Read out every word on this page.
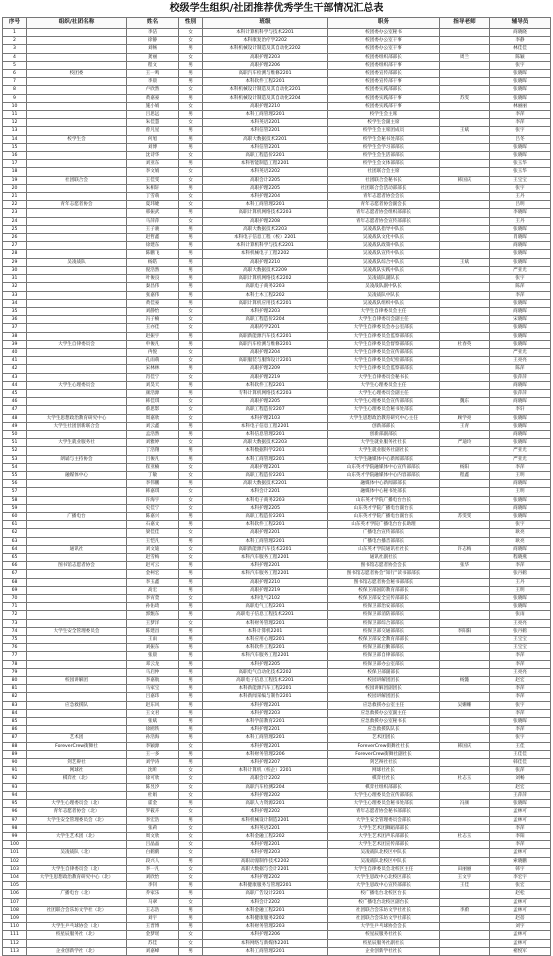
校级学生组织/社团推荐优秀学生干部情况汇总表
序号	组织/社团名称	姓名	性别	班级	职务	指导老师	辅导员
1		李洁	女	本科计算机科学与技术2201	校团委办公室秘书		商晓晓
2		徐静	女	本科康复治疗学2202	校团委办公室干事		李静
3		刘畅	男	本科机械设计制造及其自动化2202	校团委办公室干事		林佳佳
4		龚丽	女	高职护理2203	校团委组织部部长	周兰	陈颖
5		程文	男	高职护理2206	校团委组织部干事		张宇
6	校团委	王一鸣	男	高职汽车检测与维修2201	校团委宣传部部长		张晓晖
7		李晨	男	本科软件工程2201	校团委宣传部干事		张晓晖
8		卢欣然	女	本科机械设计制造及其自动化2201	校团委实践部部长		张晓晖
9		黄嘉豪	男	本科机械设计制造及其自动化2204	校团委实践部干事	苏雯	张晓晖
10		施小娟	女	高职护理2210	校团委实践部干事		林丽丽
11		吕思远	男	本科工商管理2201	校学生会主席		李萍
12		朱佳慧	女	本科英语2201	校学生会副主席		李萍
13		曾凡星	男	本科信管2201	校学生会主席团成员	王斌	张宇
14	校学生会	何旭	男	高职大数据技术2201	校学生会秘书处部长		吕冬
15		刘博	男	本科信管2201	校学生会学习部部长		张晓晖
16		沈诗华	女	高职工程造价2201	校学生会生活部部长		张晓晖
17		刘亚东	男	本科智能制造工程2201	校学生会文体部部长		张玉华
18		李文娟	女	本科英语2202	社团联合会主席		张玉华
19	社团联合会	王佳雯	女	高职会计2205	社团联合会秘书长	韩国庆	王宝宝
20		朱相轩	男	高职护理2205	社团联合会活动部部长		张宇
21		丁雪萌	女	本科护理2204	青年志愿者协会会长		王丹
22	青年志愿者协会	夏玮婕	女	本科工商管理2201	青年志愿者协会副会长		吕明
23		邢振武	男	高职计算机网络技术2203	青年志愿者协会组织部部长		李晓晖
24		马萍萍	女	高职护理2208	青年志愿者协会宣传部部长		王丹
25		王子骏	男	高职大数据技术2203	吴凌战队指导中队长		张晓晖
26		赵哲鑫	男	本科电子信息工程（校）2201	吴凌战队文化中队长		肖晓晖
27		徐建东	男	本科计算机科学与技术2201	吴凌战队政策中队长		商晓晖
28		陈鹏飞	男	本科机械电子工程2202	吴凌战队宣传中队长		张晓晖
29	吴凌战队	杨皓	男	高职护理2210	吴凌战队综合中队长	王斌	张晓晖
30		倪浩然	男	高职大数据技术2209	吴凌战队实践中队长		严亚光
31		叶俊良	男	高职计算机网络技术2202	吴凌战队副队长		张宇
32		秦昌伟	男	高职电子商务2203	吴凌战队副中队长		陈萍
33		张嘉伟	男	本科土木工程2202	吴凌战队中队长		李萍
34		黄佳豪	男	高职计算机应用技术2201	吴凌战队组织中队长		张晓晖
35		刘静怡	女	本科护理2203	大学生自律委员会主任		商晓晖
36		冯子楠	女	高职工程造价2204	大学生自律委员会副主任		宋晓晖
37		王亦佳	女	高职药学2201	大学生自律委员会办公室部长		张晓晖
38		赵振宇	男	高职新能源汽车技术2201	大学生自律委员会监察部部长		张晓晖
39	大学生自律委员会	申俊凡	男	高职汽车检测与维修2201	大学生自律委员会督察部部长	杜春英	张晓晖
40		冉悦	女	高职护理2204	大学生自律委员会宣传部部长		严亚光
41		孔雨萌	女	高职服装与服饰设计2201	大学生自律委员会纪检部部长		王亮亮
42		宋林林	男	高职护理2209	大学生自律委员会监察部部长		陈萍
43		肖佳宁	女	高职护理2219	大学生自律委员会秘书长		张萍萍
44	大学生心理委员会	刘昊天	男	本科软件工程2201	大学生心理委员会主任		商晓晖
45		颜浩源	男	专科计算机网络技术2203	大学生心理委员会副主任		张萍萍
46		韩佳琪	女	高职护理2205	大学生心理委员会宣传部部长	魏东	商晓晖
47		蔡思影	女	高职工程造价2207	大学生心理委员会秘书处部长		李轩
48	大学生思想政治教育研究中心	周嘉欣	女	本科护理2103	大学生思想政治教育研究中心主任	顾学亮	张晓晖
49	大学生社团创新联合会	刘云鑫	男	本科电子信息工程2201	创新部部长	王青	张晓晖
50		孟浩然	男	本科信息管理2201	创新部副部长		商晓晖
51	大学生就业服务社	刘雅婷	女	高职大数据技术2203	大学生就业服务社社长	严迪玲	张晓晖
52		丁浩翔	男	本科数据科学2201	大学生就业服务社副社长		严亚光
53	朗诵与主持协会	吕俊凡	男	本科工商管理2201	大学生融媒体中心新闻部部长		严亚光
54		崔亚楠	女	高职护理2201	山东英才学院融媒体中心宣传部部长	杨阳	李萍
55	融媒体中心	丁敏	女	高职工程造价2201	山东英才学院融媒体中心内容部部长	程鑫	王明
56		李伟鹏	男	高职大数据技术2201	融媒体中心新闻部部长		商晓晖
57		韩嘉琪	女	本科会计2201	融媒体中心秘书处部长		王明
58		许海宇	女	本科电子商务2203	山东英才学院广播电台台长		张晓晖
59		史佳宁	女	本科护理2205	山东英才学院广播电台副台长		商晓晖
60	广播电台	陈嘉兴	男	高职工程造价2201	山东英才学院广播电台副台长	苏雯雯	张晓晖
61		石嘉文	男	本科软件工程2201	山东英才学院广播电台台长助理		张宇
62		梁佳佳	女	高职护理2201	广播电台宣传部部长		耿亮
63		王恺凡	男	本科工商管理2201	广播电台播音部部长		耿亮
64	通讯社	刘文迪	女	高职新能源汽车技术2201	山东英才学院通讯社社长	许志梅	商晓晖
65		赵雪梅	女	本科汽车服务工程2201	通讯社副社长		程晓燕
66	图书馆志愿者协会	赵可云	男	本科护理2201	图书馆志愿者协会会长	张华	李萍
67		金柯宏	男	本科汽车服务工程2201	图书馆志愿者协会“知行”读书部部长		张丹鹤
68		李玉鑫	男	高职护理2210	图书馆志愿者协会秘书部部长		王丹
69		高宏	男	高职护理2219	校保卫部国防教育部部长		王明
70		李宵萱	女	本科电气2102	校保卫部安全宣传部部长		张晓晖
71		孙佑琦	男	高职电气工程2201	校保卫部治安部部长		张晓晖
72		郭甄东	男	高职电子信息工程技术2201	校保卫部消防部部长		张雨
73		王梦洋	女	本科财务管理2201	校保卫部综合部部长		王亮亮
74	大学生安全管理委员会	陈建昌	男	本科计算机2201	校保卫部交通部部长	李阳阳	张丹鹤
75		王雨	男	本科应用心理2201	校保卫部安全教育部部长		王宝宝
76		刘振东	男	本科软件工程2201	校保卫部后勤部部长		王宝宝
77		张晨	男	本科汽车服务工程2201	校保卫部自律部部长		李萍
78		邓云龙	男	本科护理2205	校保卫部办公室部长		李萍
79		马启仲	男	高职电气自动化技术2202	校保卫部副部长		王亮亮
80	校园讲解团	李嘉航	男	高职电子信息工程技术2201	校园讲解团团长	杨懿	赵宏
81		马家宝	男	本科新能源汽车工程2201	校园讲解团副团长		李萍
82		吕嘉玮	男	本科新闻采编与制作2201	校园讲解团团长		李萍
83	应急救援队	赵东风	男	本科护理2201	应急救援办公室主任	吴姗姗	张宇
84		王文君	男	本科护理2203	应急救援办公室副主任		李萍
85		张斌	男	本科学前教育2201	应急救援办公室秘书长		张晓晖
86		徐鸥铁	男	本科护理2201	应急救援队队长		李萍
87	艺术团	孙浩海	男	本科工商管理2201	艺术团团长		张宇
88	ForeverCrew街舞社	李颖源	女	本科护理2201	ForeverCrew街舞社社长	韩国庆	王佳
89		王一多	男	本科财务管理2206	ForeverCrew街舞社副社长		王佳佳
90	剑艺辩社	刘学涛	男	本科护理2207	剑艺辩社社长		韩佳佳
91	网球社	沈昕	女	本科计算机（校企）2201	网球社社长		张萍
92	棋弈社（北）	徐可欣	女	高职会计2202	棋弈社社长	杜志玉	刘畅
93		陈昱汐	女	高职汽车检测2204	棋弈社组织部部长		赵宏
94		杜娟	女	本科护理2202	大学生心理委员会宣传部部长		王萍萍
95	大学生心理委员会（北）	霍金	男	高职人力资源2201	大学生心理委员会秘书处部长	冯颜	张晓晖
96	青年志愿者协会（北）	罗筱卉	女	本科护理2202	青年志愿者协会秘书部部长		孟林可
97	大学生安全管理委员会（北）	李宏浩	男	本科机械设计制造2201	大学生安全管理委员会部长		孟林可
98		张莉	女	本科英语2201	大学生艺术团舞蹈部部长		李萍
99	大学生艺术团（北）	周文欣	女	本科金融工程2202	大学生艺术团声乐部部长	杜志玉	李阳
100		吕晶晶	女	本科护理2201	大学生艺术团宣传部部长		李萍
101	吴凌战队（北）	白鹤鹤	女	本科护理2203	吴凌战队北校区中队长		孟林可
102		段兴人	男	高职动漫制作技术2202	吴凌战队北校区中队长		索晓鹏
103	大学生自律委员会（北）	李一凡	女	高职大数据与会计2201	大学生自律委员会北校区主任	田丽丽	韩宇
104	大学生思想政治教育研究中心（北）	刘欣怡	女	本科护理2202	大学生思政中心北校区部长	王文宇	李宏宇
105		李钊	男	本科健康服务与管理2201	大学生思政中心宣传部部长	王佳	张宏
106	广播电台（北）	乔家乐	男	高职广告设计2201	校广播电台北校区台长		赵松
107		马翠	女	本科会计2202	校广播电台北校区副台长		孟林可
108	社团联合会乐坊文学社（北）	王志浩	男	本科金融工程2201	社团联合会乐坊文学社社长	李蔚	孟林可
109		刘宇	男	本科健康服务2202	社团联合会乐坊文学社部长		赵蓓
110	大学生乒乓球协会（北）	王晋博	男	本科财务管理2203	大学生乒乓球协会会长		刘宇
111	校星辰服务社（北）	金梦瑶	女	本科护理2206	校星辰服务社社长		孟林可
112		苏佳	女	本科网络与新媒体2201	校星辰服务社副社长		孟林可
113	企业创新学社（北）	刘嘉峰	男	本科工商管理2201	企业创新学社社长		褚悦军
